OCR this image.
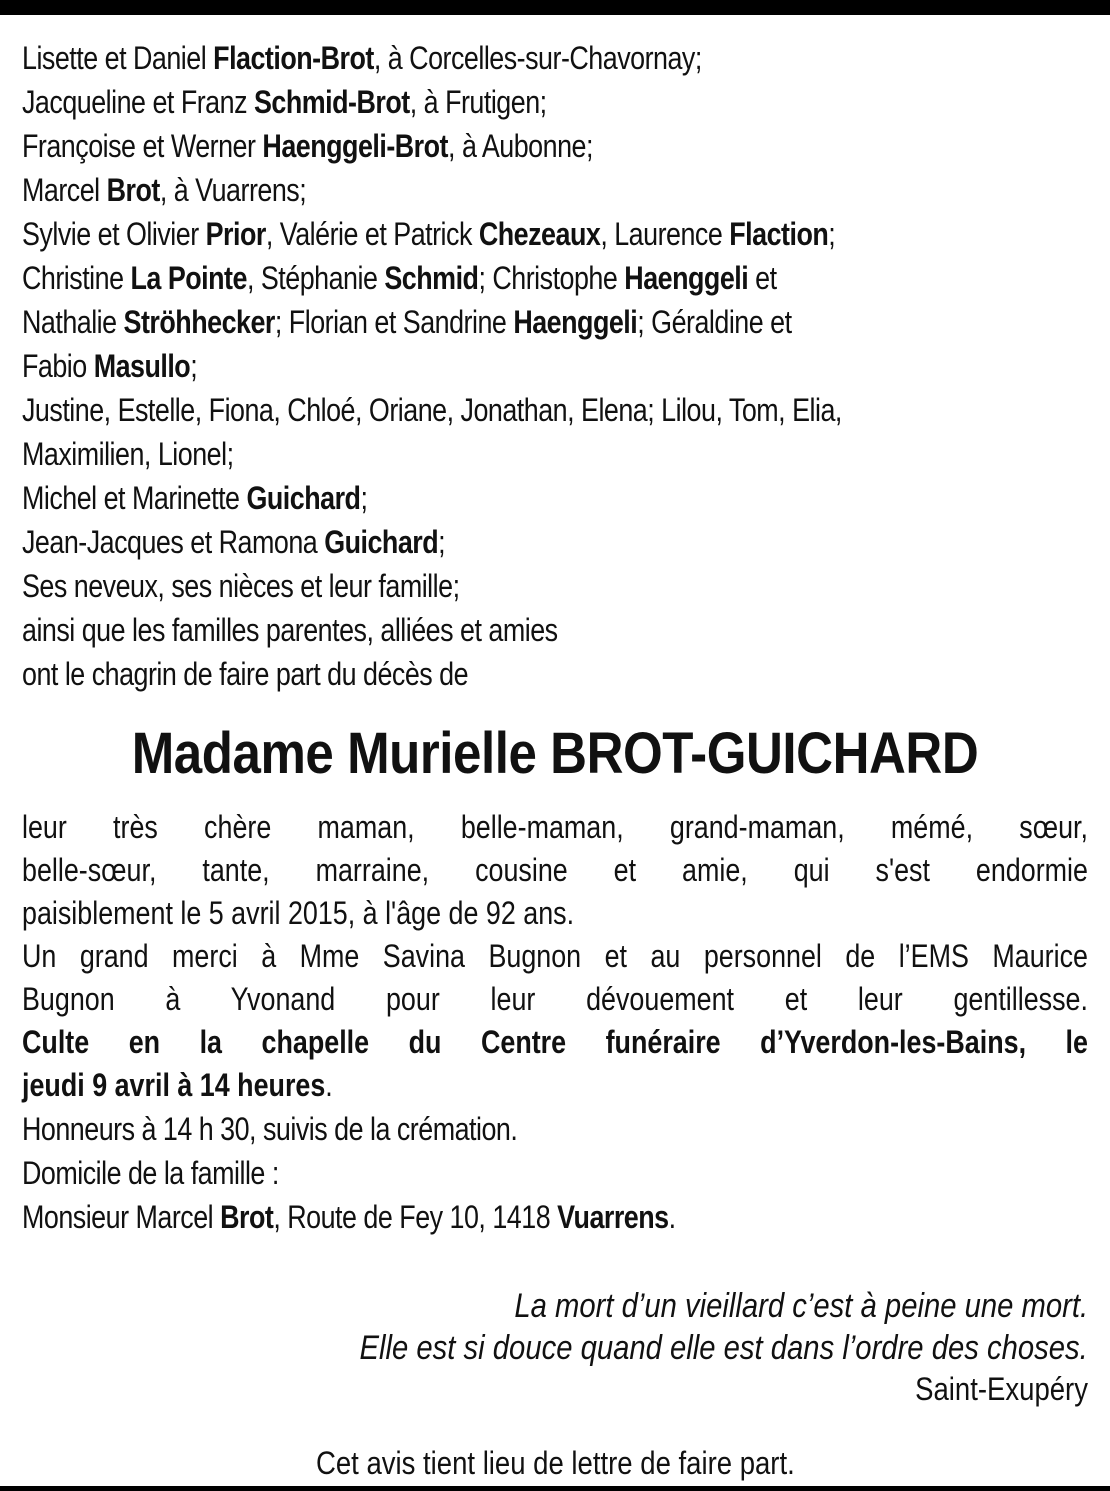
Lisette et Daniel Flaction-Brot, à Corcelles-sur-Chavornay;
Jacqueline et Franz Schmid-Brot, à Frutigen;
Françoise et Werner Haenggeli-Brot, à Aubonne;
Marcel Brot, à Vuarrens;
Sylvie et Olivier Prior, Valérie et Patrick Chezeaux, Laurence Flaction;
Christine La Pointe, Stéphanie Schmid; Christophe Haenggeli et
Nathalie Ströhhecker; Florian et Sandrine Haenggeli; Géraldine et
Fabio Masullo;
Justine, Estelle, Fiona, Chloé, Oriane, Jonathan, Elena; Lilou, Tom, Elia,
Maximilien, Lionel;
Michel et Marinette Guichard;
Jean-Jacques et Ramona Guichard;
Ses neveux, ses nièces et leur famille;
ainsi que les familles parentes, alliées et amies
ont le chagrin de faire part du décès de
Madame Murielle BROT-GUICHARD
leur très chère maman, belle-maman, grand-maman, mémé, sœur,
belle-sœur, tante, marraine, cousine et amie, qui s'est endormie
paisiblement le 5 avril 2015, à l'âge de 92 ans.
Un grand merci à Mme Savina Bugnon et au personnel de l’EMS Maurice
Bugnon à Yvonand pour leur dévouement et leur gentillesse.
Culte en la chapelle du Centre funéraire d’Yverdon-les-Bains, le
jeudi 9 avril à 14 heures.
Honneurs à 14 h 30, suivis de la crémation.
Domicile de la famille :
Monsieur Marcel Brot, Route de Fey 10, 1418 Vuarrens.
La mort d’un vieillard c’est à peine une mort.
Elle est si douce quand elle est dans l’ordre des choses.
Saint-Exupéry
Cet avis tient lieu de lettre de faire part.
